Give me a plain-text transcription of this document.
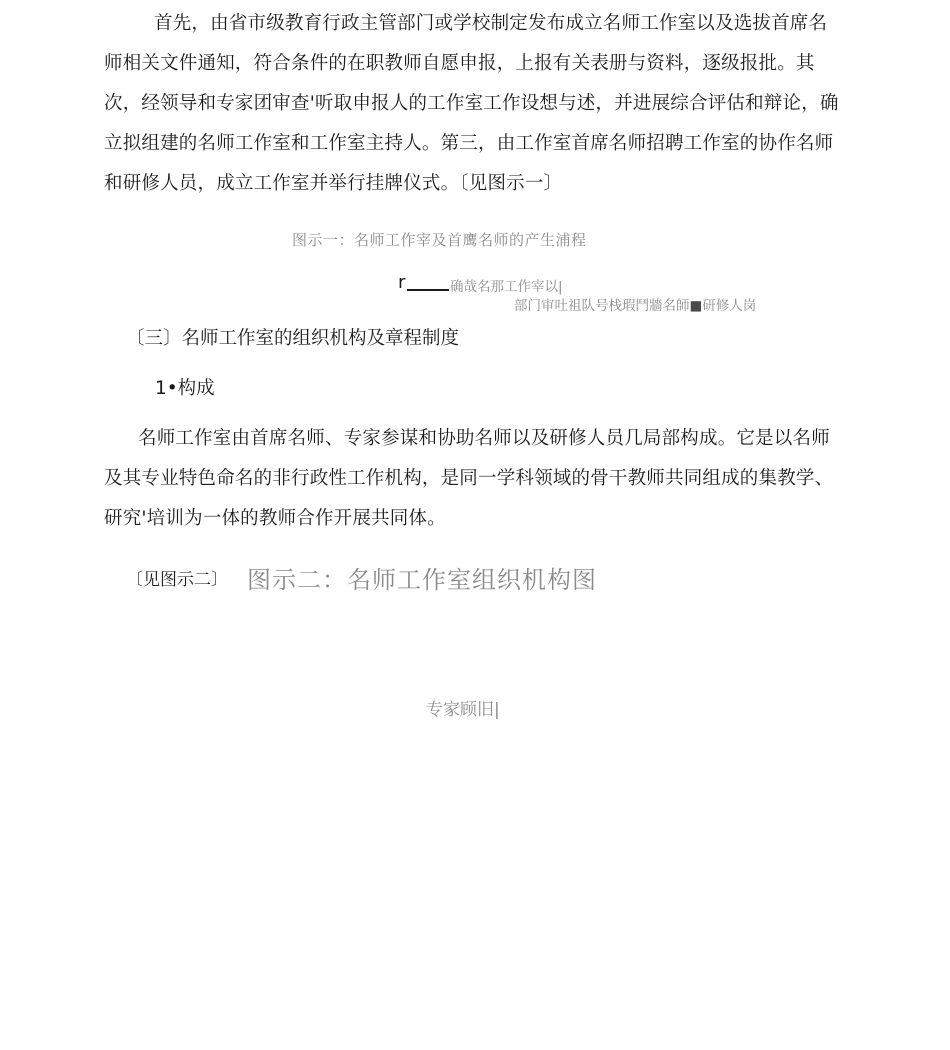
首先，由省市级教育行政主管部门或学校制定发布成立名师工作室以及选拔首席名师相关文件通知，符合条件的在职教师自愿申报，上报有关表册与资料，逐级报批。其次，经领导和专家团审查'听取申报人的工作室工作设想与述，并进展综合评估和辩论，确立拟组建的名师工作室和工作室主持人。第三，由工作室首席名师招聘工作室的协作名师和研修人员，成立工作室并举行挂牌仪式。〔见图示一〕

图示一：名师工作宰及首鹰名师的产生浦程
r	确哉名那工作宰以|
部门审吐祖队号栈瑕鬥牆名師■研修人岗
〔三〕名师工作室的组织机构及章程制度
1•构成

名师工作室由首席名师、专家参谋和协助名师以及研修人员几局部构成。它是以名师及其专业特色命名的非行政性工作机构，是同一学科领域的骨干教师共同组成的集教学、研究'培训为一体的教师合作开展共同体。

〔见图示二〕 图示二：名师工作室组织机构图
专家顾旧|
